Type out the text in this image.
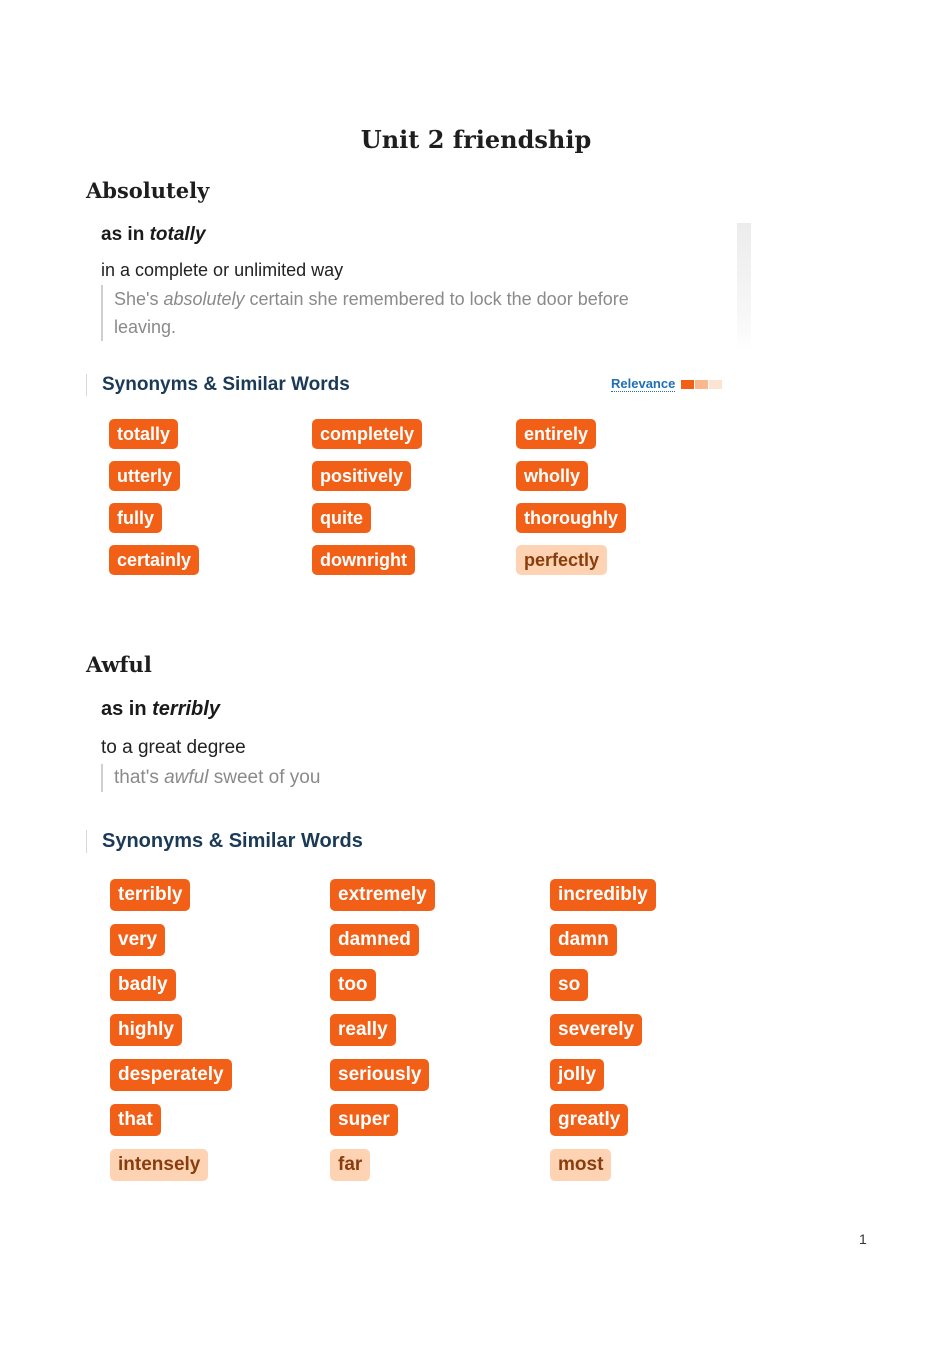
Unit 2 friendship
Absolutely
as in totally
in a complete or unlimited way
She's absolutely certain she remembered to lock the door before
leaving.
Synonyms & Similar Words	Relevance
totally	completely	entirely
utterly	positively	wholly
fully	quite	thoroughly
certainly	downright	perfectly
Awful
as in terribly
to a great degree
that's awful sweet of you
Synonyms & Similar Words
terribly	extremely	incredibly
very	damned	damn
badly	too	so
highly	really	severely
desperately	seriously	jolly
that	super	greatly
intensely	far	most
1
